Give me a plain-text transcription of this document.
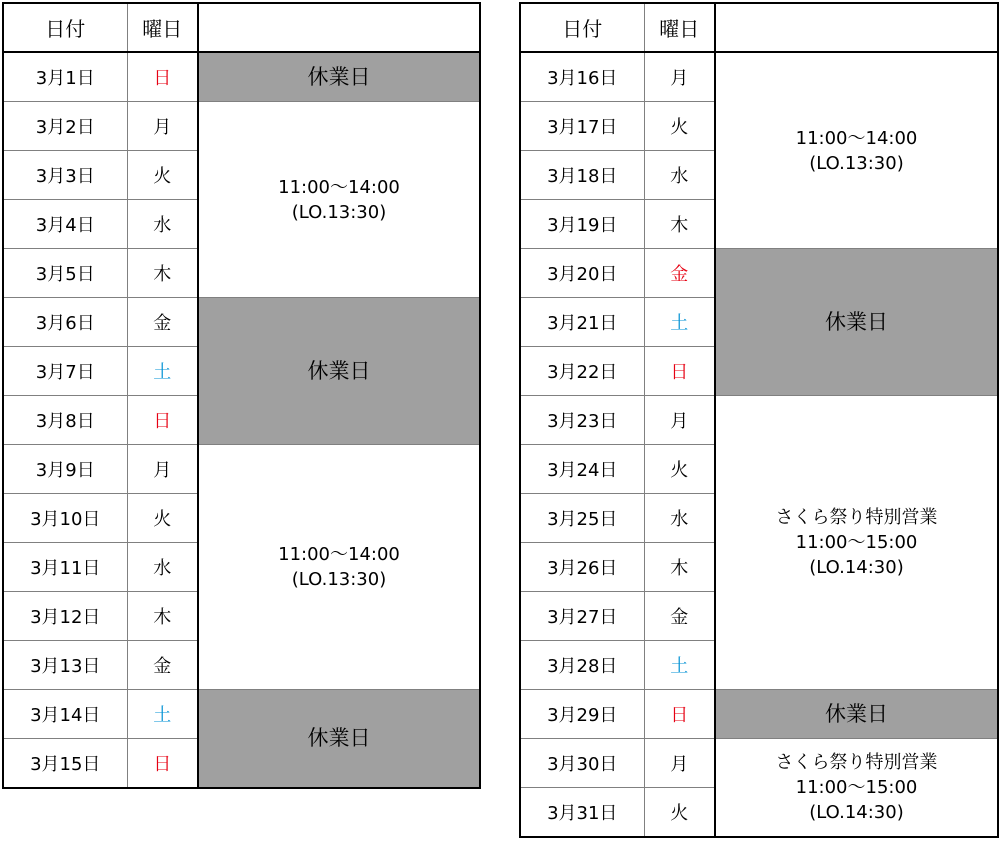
日付	曜日	
3月1日	日	休業日
3月2日	月	11:00～14:00
(LO.13:30)

3月3日	火	
3月4日	水	
3月5日	木	
3月6日	金	休業日
3月7日	土	
3月8日	日	
3月9日	月	11:00～14:00
(LO.13:30)

3月10日	火	
3月11日	水	
3月12日	木	
3月13日	金	
3月14日	土	休業日
3月15日	日	
日付	曜日	
3月16日	月	11:00～14:00
(LO.13:30)

3月17日	火	
3月18日	水	
3月19日	木	
3月20日	金	休業日
3月21日	土	
3月22日	日	
3月23日	月	さくら祭り特別営業
11:00～15:00
(LO.14:30)

3月24日	火	
3月25日	水	
3月26日	木	
3月27日	金	
3月28日	土	
3月29日	日	休業日
3月30日	月	さくら祭り特別営業
11:00～15:00
(LO.14:30)

3月31日	火	
